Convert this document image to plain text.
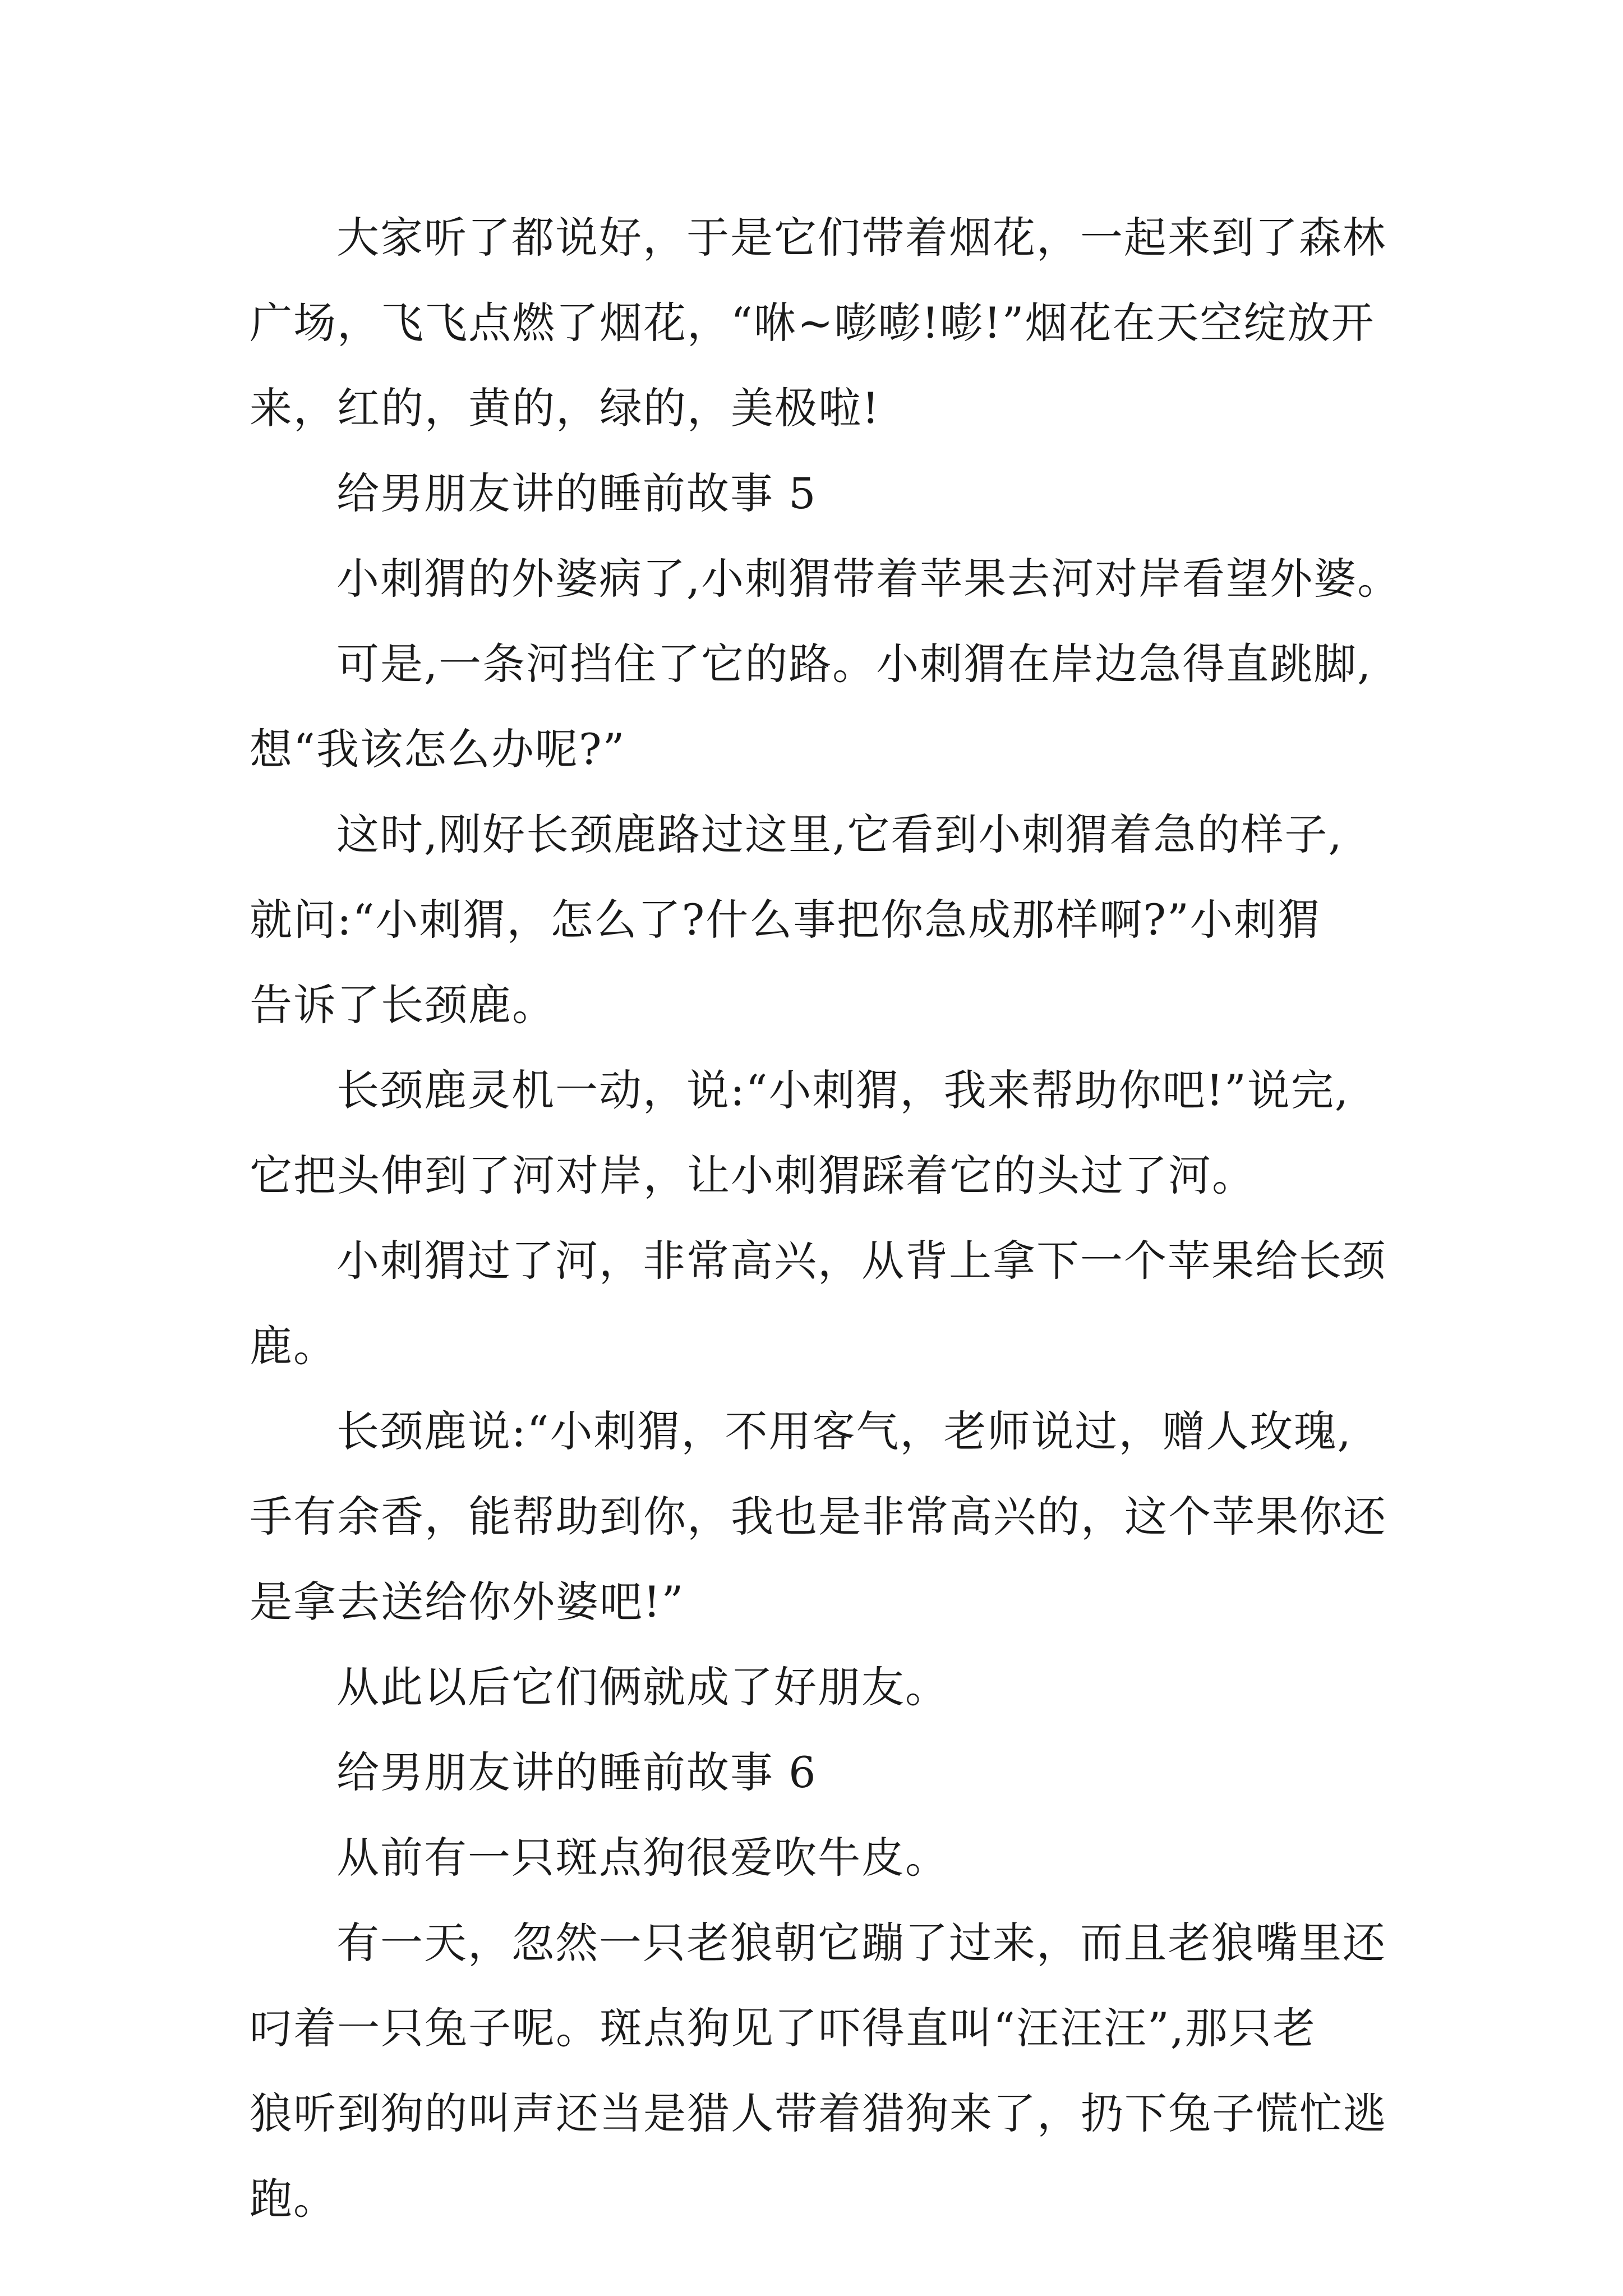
大家听了都说好，于是它们带着烟花，一起来到了森林
广场，飞飞点燃了烟花，“咻~嘭嘭!嘭!”烟花在天空绽放开
来，红的，黄的，绿的，美极啦!
给男朋友讲的睡前故事 5
小刺猬的外婆病了,小刺猬带着苹果去河对岸看望外婆。
可是,一条河挡住了它的路。小刺猬在岸边急得直跳脚,
想“我该怎么办呢?”
这时,刚好长颈鹿路过这里,它看到小刺猬着急的样子,
就问:“小刺猬，怎么了?什么事把你急成那样啊?”小刺猬
告诉了长颈鹿。
长颈鹿灵机一动，说:“小刺猬，我来帮助你吧!”说完,
它把头伸到了河对岸，让小刺猬踩着它的头过了河。
小刺猬过了河，非常高兴，从背上拿下一个苹果给长颈
鹿。
长颈鹿说:“小刺猬，不用客气，老师说过，赠人玫瑰,
手有余香，能帮助到你，我也是非常高兴的，这个苹果你还
是拿去送给你外婆吧!”
从此以后它们俩就成了好朋友。
给男朋友讲的睡前故事 6
从前有一只斑点狗很爱吹牛皮。
有一天，忽然一只老狼朝它蹦了过来，而且老狼嘴里还
叼着一只兔子呢。斑点狗见了吓得直叫“汪汪汪”,那只老
狼听到狗的叫声还当是猎人带着猎狗来了，扔下兔子慌忙逃
跑。
